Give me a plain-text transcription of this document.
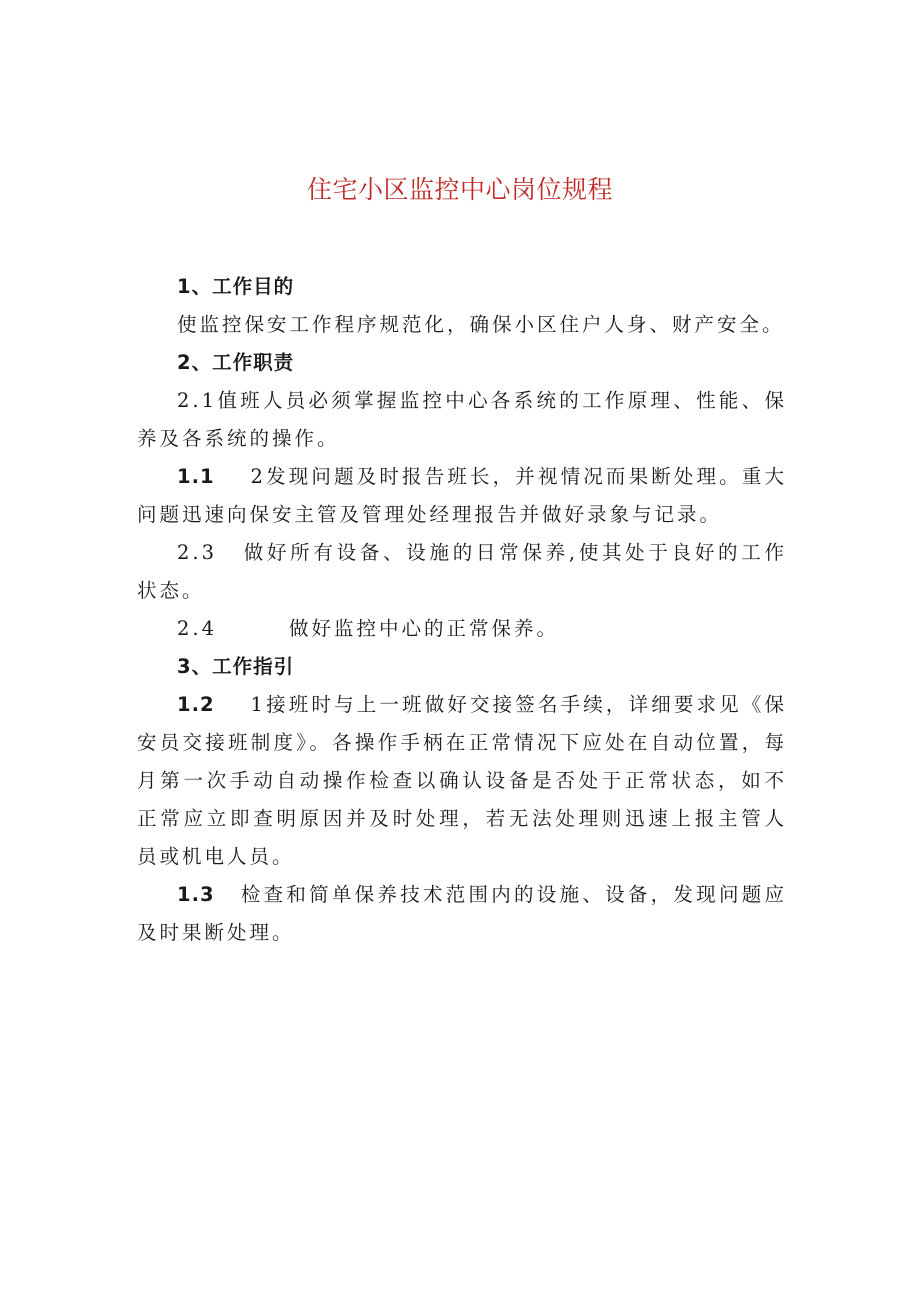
住宅小区监控中心岗位规程

1、工作目的

使监控保安工作程序规范化，确保小区住户人身、财产安全。

2、工作职责

2.1值班人员必须掌握监控中心各系统的工作原理、性能、保养及各系统的操作。

1.1 2发现问题及时报告班长，并视情况而果断处理。重大问题迅速向保安主管及管理处经理报告并做好录象与记录。

2.3 做好所有设备、设施的日常保养,使其处于良好的工作状态。

2.4	做好监控中心的正常保养。

3、工作指引

1.2 1接班时与上一班做好交接签名手续，详细要求见《保安员交接班制度》。各操作手柄在正常情况下应处在自动位置，每月第一次手动自动操作检查以确认设备是否处于正常状态，如不正常应立即查明原因并及时处理，若无法处理则迅速上报主管人员或机电人员。

1.3 检查和简单保养技术范围内的设施、设备，发现问题应及时果断处理。
